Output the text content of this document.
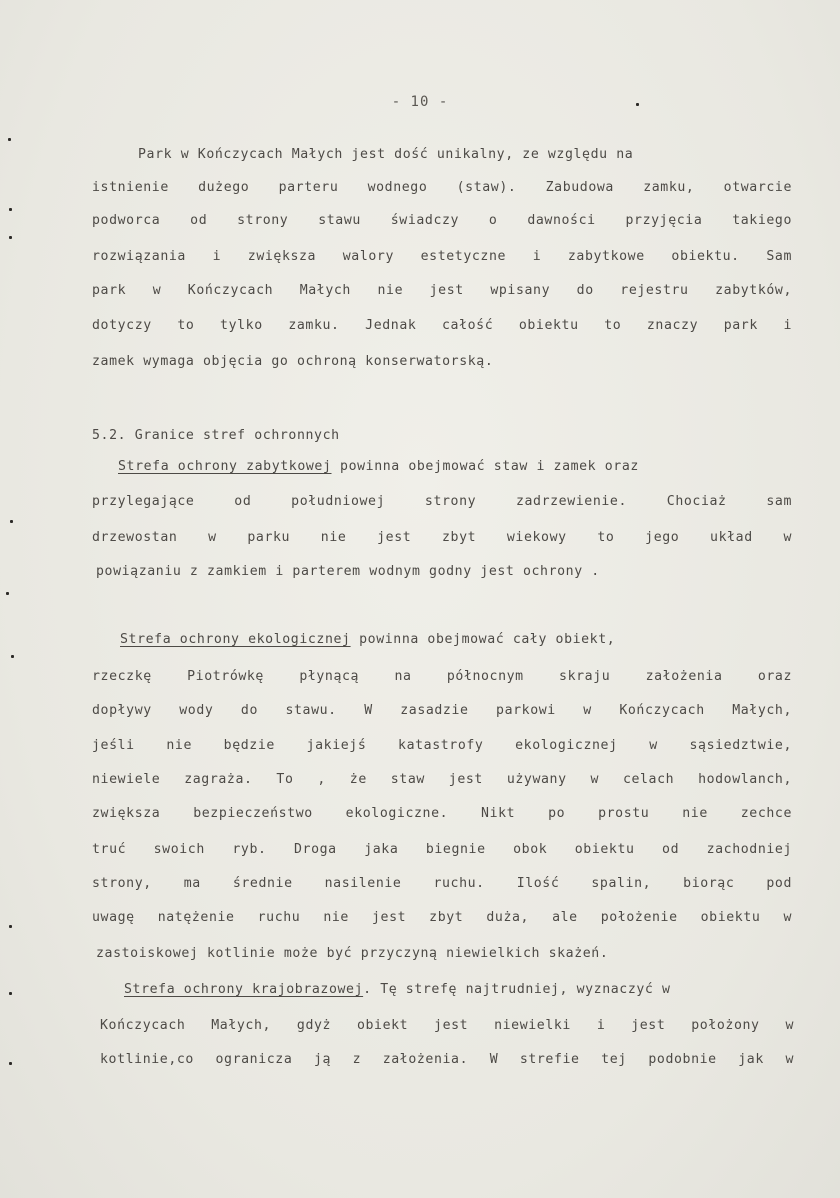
- 10 -
Park w Kończycach Małych jest dość unikalny, ze względu na
istnienie dużego parteru wodnego (staw). Zabudowa zamku, otwarcie
podworca od strony stawu świadczy o dawności przyjęcia takiego
rozwiązania i zwiększa walory estetyczne i zabytkowe obiektu. Sam
park w Kończycach Małych nie jest wpisany do rejestru zabytków,
dotyczy to tylko zamku. Jednak całość obiektu to znaczy park i
zamek wymaga objęcia go ochroną konserwatorską.
5.2. Granice stref ochronnych
Strefa ochrony zabytkowej powinna obejmować staw i zamek oraz
przylegające od południowej strony zadrzewienie. Chociaż sam
drzewostan w parku nie jest zbyt wiekowy to jego układ w
powiązaniu z zamkiem i parterem wodnym godny jest ochrony .
Strefa ochrony ekologicznej powinna obejmować cały obiekt,
rzeczkę Piotrówkę płynącą na północnym skraju założenia oraz
dopływy wody do stawu. W zasadzie parkowi w Kończycach Małych,
jeśli nie będzie jakiejś katastrofy ekologicznej w sąsiedztwie,
niewiele zagraża. To , że staw jest używany w celach hodowlanch,
zwiększa bezpieczeństwo ekologiczne. Nikt po prostu nie zechce
truć swoich ryb. Droga jaka biegnie obok obiektu od zachodniej
strony, ma średnie nasilenie ruchu. Ilość spalin, biorąc pod
uwagę natężenie ruchu nie jest zbyt duża, ale położenie obiektu w
zastoiskowej kotlinie może być przyczyną niewielkich skażeń.
Strefa ochrony krajobrazowej. Tę strefę najtrudniej, wyznaczyć w
Kończycach Małych, gdyż obiekt jest niewielki i jest położony w
kotlinie,co ogranicza ją z założenia. W strefie tej podobnie jak w
